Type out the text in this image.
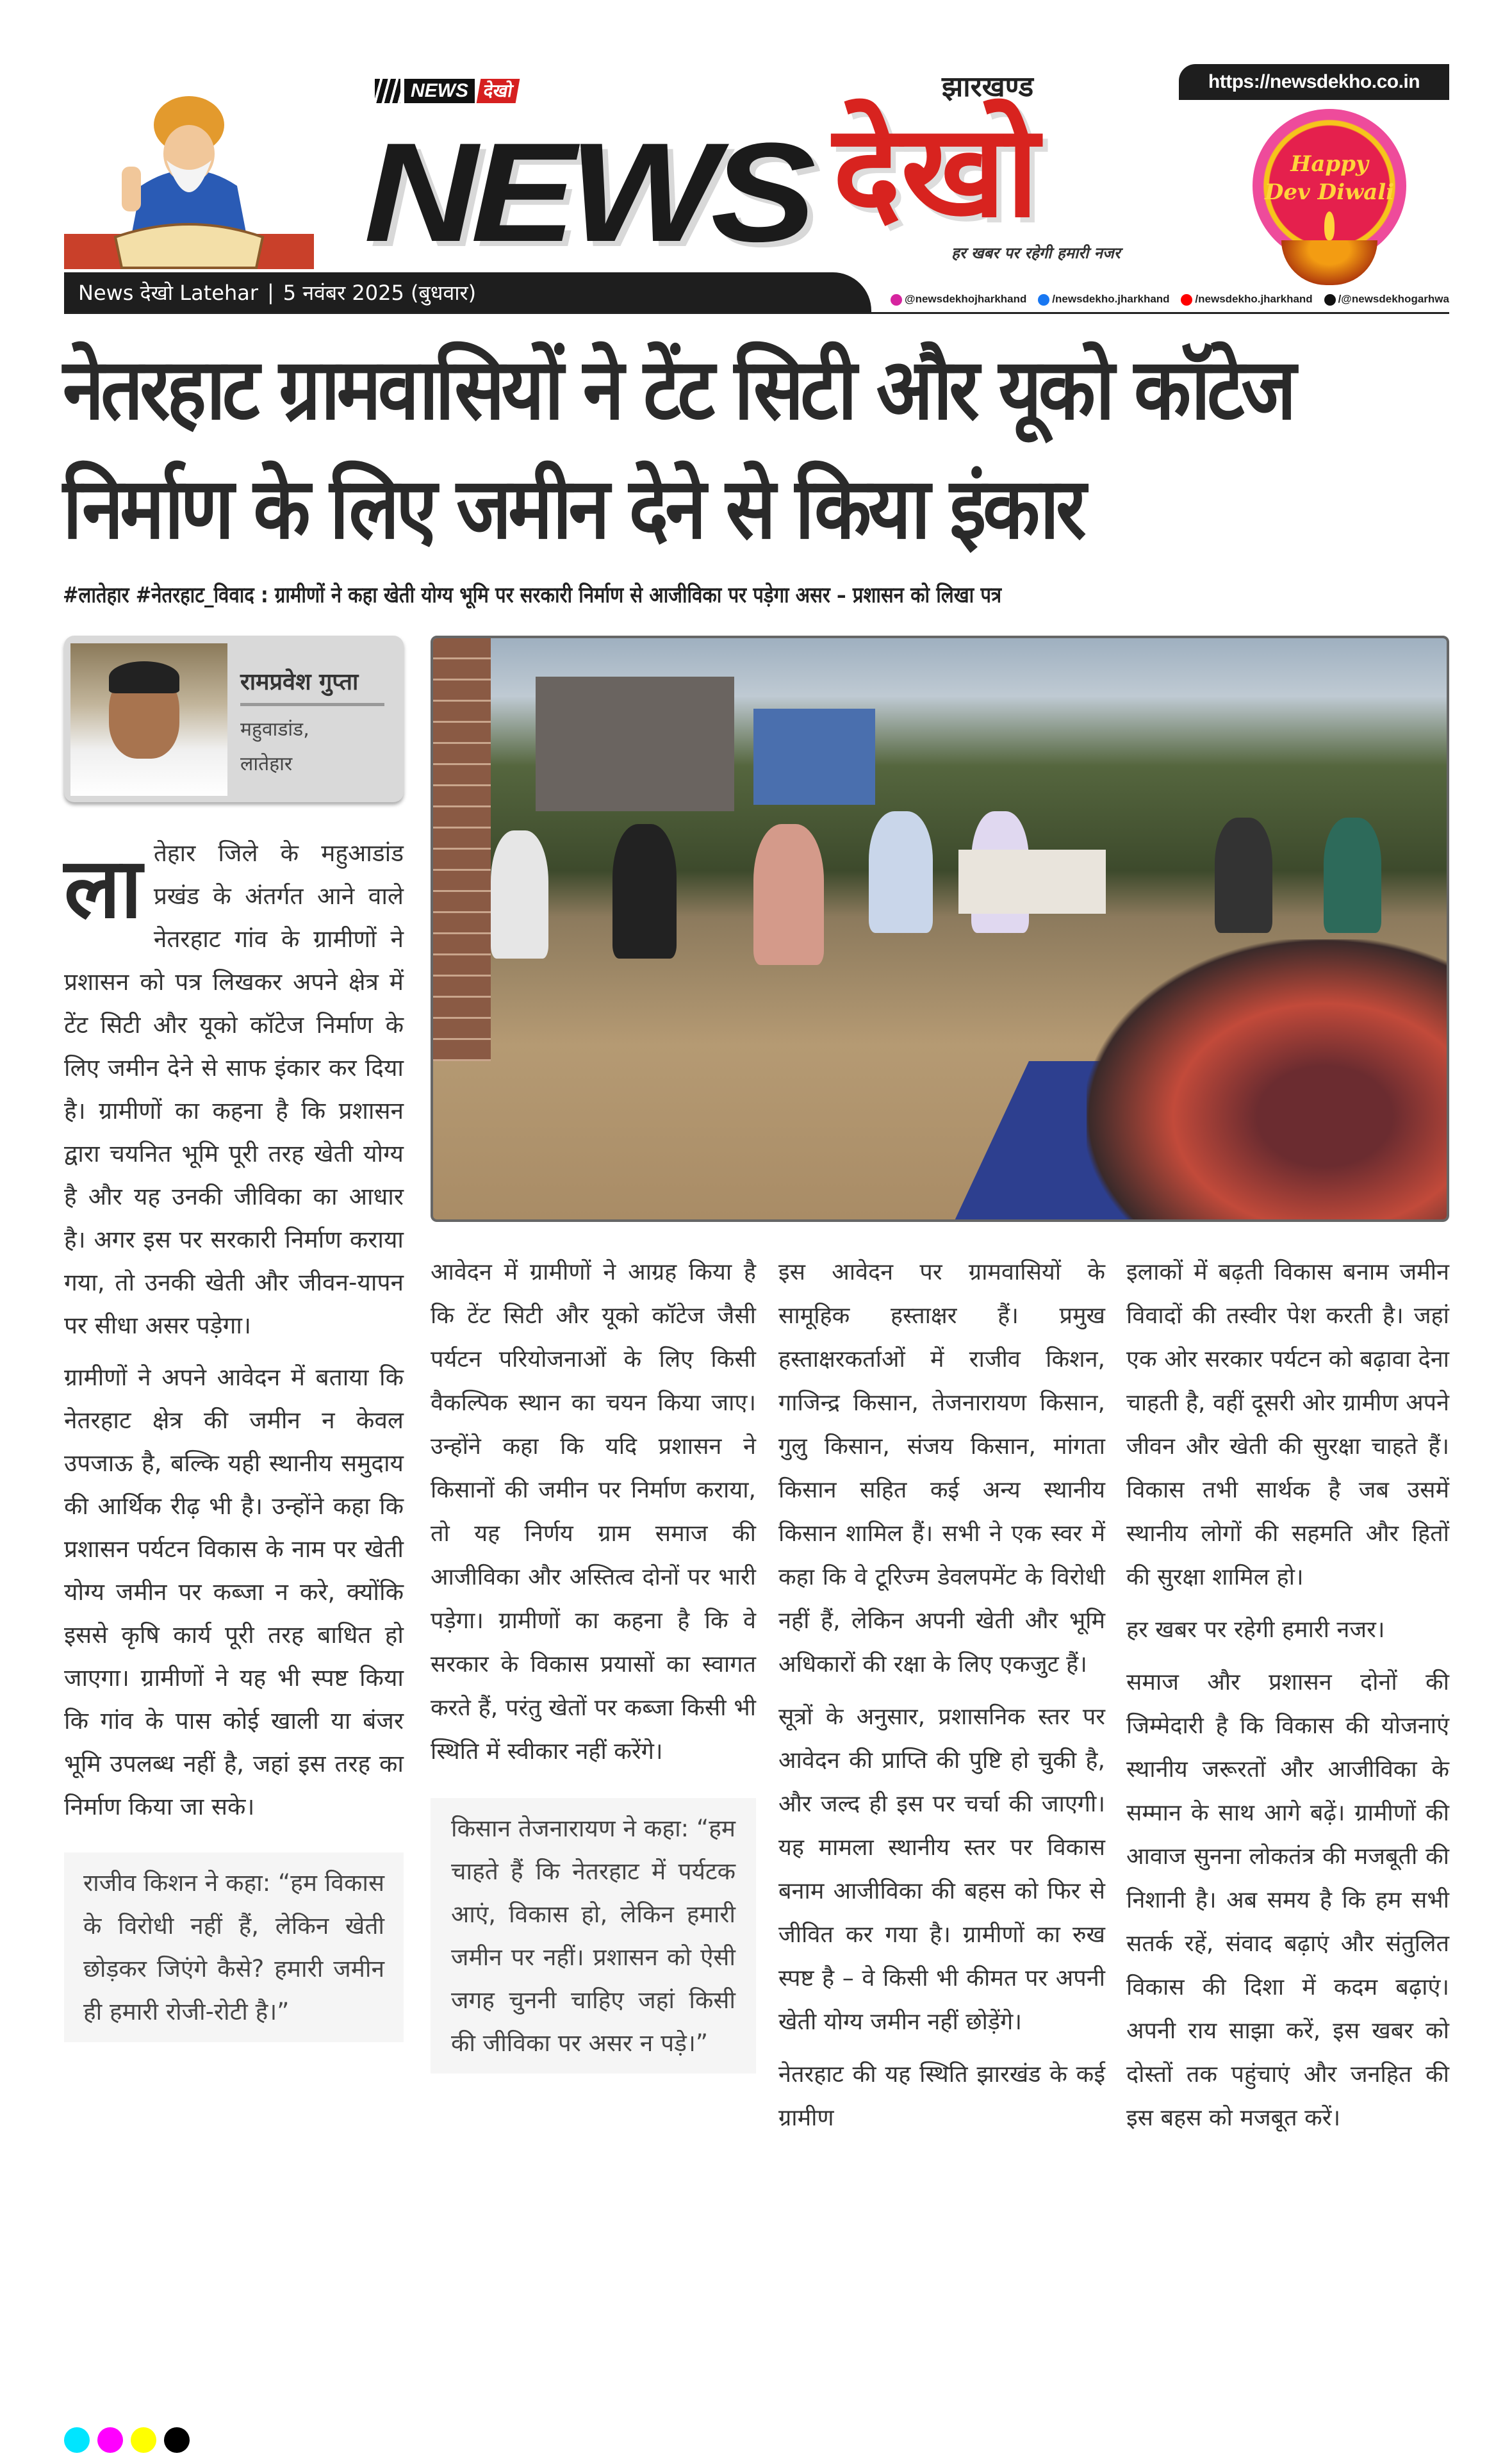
https://newsdekho.co.in
NEWS देखो
NEWS देखो
झारखण्ड
हर खबर पर रहेगी हमारी नजर
Happy
Dev Diwali
News देखो Latehar | 5 नवंबर 2025 (बुधवार)	@newsdekhojharkhand	/newsdekho.jharkhand	/newsdekho.jharkhand	/@newsdekhogarhwa
नेतरहाट ग्रामवासियों ने टेंट सिटी और यूको कॉटेज निर्माण के लिए जमीन देने से किया इंकार
#लातेहार #नेतरहाट_विवाद : ग्रामीणों ने कहा खेती योग्य भूमि पर सरकारी निर्माण से आजीविका पर पड़ेगा असर – प्रशासन को लिखा पत्र
रामप्रवेश गुप्ता
महुवाडांड,
लातेहार

लातेहार जिले के महुआडांड प्रखंड के अंतर्गत आने वाले नेतरहाट गांव के ग्रामीणों ने प्रशासन को पत्र लिखकर अपने क्षेत्र में टेंट सिटी और यूको कॉटेज निर्माण के लिए जमीन देने से साफ इंकार कर दिया है। ग्रामीणों का कहना है कि प्रशासन द्वारा चयनित भूमि पूरी तरह खेती योग्य है और यह उनकी जीविका का आधार है। अगर इस पर सरकारी निर्माण कराया गया, तो उनकी खेती और जीवन-यापन पर सीधा असर पड़ेगा।

ग्रामीणों ने अपने आवेदन में बताया कि नेतरहाट क्षेत्र की जमीन न केवल उपजाऊ है, बल्कि यही स्थानीय समुदाय की आर्थिक रीढ़ भी है। उन्होंने कहा कि प्रशासन पर्यटन विकास के नाम पर खेती योग्य जमीन पर कब्जा न करे, क्योंकि इससे कृषि कार्य पूरी तरह बाधित हो जाएगा। ग्रामीणों ने यह भी स्पष्ट किया कि गांव के पास कोई खाली या बंजर भूमि उपलब्ध नहीं है, जहां इस तरह का निर्माण किया जा सके।

राजीव किशन ने कहा: “हम विकास के विरोधी नहीं हैं, लेकिन खेती छोड़कर जिएंगे कैसे? हमारी जमीन ही हमारी रोजी-रोटी है।”

आवेदन में ग्रामीणों ने आग्रह किया है कि टेंट सिटी और यूको कॉटेज जैसी पर्यटन परियोजनाओं के लिए किसी वैकल्पिक स्थान का चयन किया जाए। उन्होंने कहा कि यदि प्रशासन ने किसानों की जमीन पर निर्माण कराया, तो यह निर्णय ग्राम समाज की आजीविका और अस्तित्व दोनों पर भारी पड़ेगा। ग्रामीणों का कहना है कि वे सरकार के विकास प्रयासों का स्वागत करते हैं, परंतु खेतों पर कब्जा किसी भी स्थिति में स्वीकार नहीं करेंगे।

किसान तेजनारायण ने कहा: “हम चाहते हैं कि नेतरहाट में पर्यटक आएं, विकास हो, लेकिन हमारी जमीन पर नहीं। प्रशासन को ऐसी जगह चुननी चाहिए जहां किसी की जीविका पर असर न पड़े।”

इस आवेदन पर ग्रामवासियों के सामूहिक हस्ताक्षर हैं। प्रमुख हस्ताक्षरकर्ताओं में राजीव किशन, गाजिन्द्र किसान, तेजनारायण किसान, गुलु किसान, संजय किसान, मांगता किसान सहित कई अन्य स्थानीय किसान शामिल हैं। सभी ने एक स्वर में कहा कि वे टूरिज्म डेवलपमेंट के विरोधी नहीं हैं, लेकिन अपनी खेती और भूमि अधिकारों की रक्षा के लिए एकजुट हैं।

सूत्रों के अनुसार, प्रशासनिक स्तर पर आवेदन की प्राप्ति की पुष्टि हो चुकी है, और जल्द ही इस पर चर्चा की जाएगी। यह मामला स्थानीय स्तर पर विकास बनाम आजीविका की बहस को फिर से जीवित कर गया है। ग्रामीणों का रुख स्पष्ट है – वे किसी भी कीमत पर अपनी खेती योग्य जमीन नहीं छोड़ेंगे।

नेतरहाट की यह स्थिति झारखंड के कई ग्रामीण

इलाकों में बढ़ती विकास बनाम जमीन विवादों की तस्वीर पेश करती है। जहां एक ओर सरकार पर्यटन को बढ़ावा देना चाहती है, वहीं दूसरी ओर ग्रामीण अपने जीवन और खेती की सुरक्षा चाहते हैं। विकास तभी सार्थक है जब उसमें स्थानीय लोगों की सहमति और हितों की सुरक्षा शामिल हो।

हर खबर पर रहेगी हमारी नजर।

समाज और प्रशासन दोनों की जिम्मेदारी है कि विकास की योजनाएं स्थानीय जरूरतों और आजीविका के सम्मान के साथ आगे बढ़ें। ग्रामीणों की आवाज सुनना लोकतंत्र की मजबूती की निशानी है। अब समय है कि हम सभी सतर्क रहें, संवाद बढ़ाएं और संतुलित विकास की दिशा में कदम बढ़ाएं। अपनी राय साझा करें, इस खबर को दोस्तों तक पहुंचाएं और जनहित की इस बहस को मजबूत करें।
